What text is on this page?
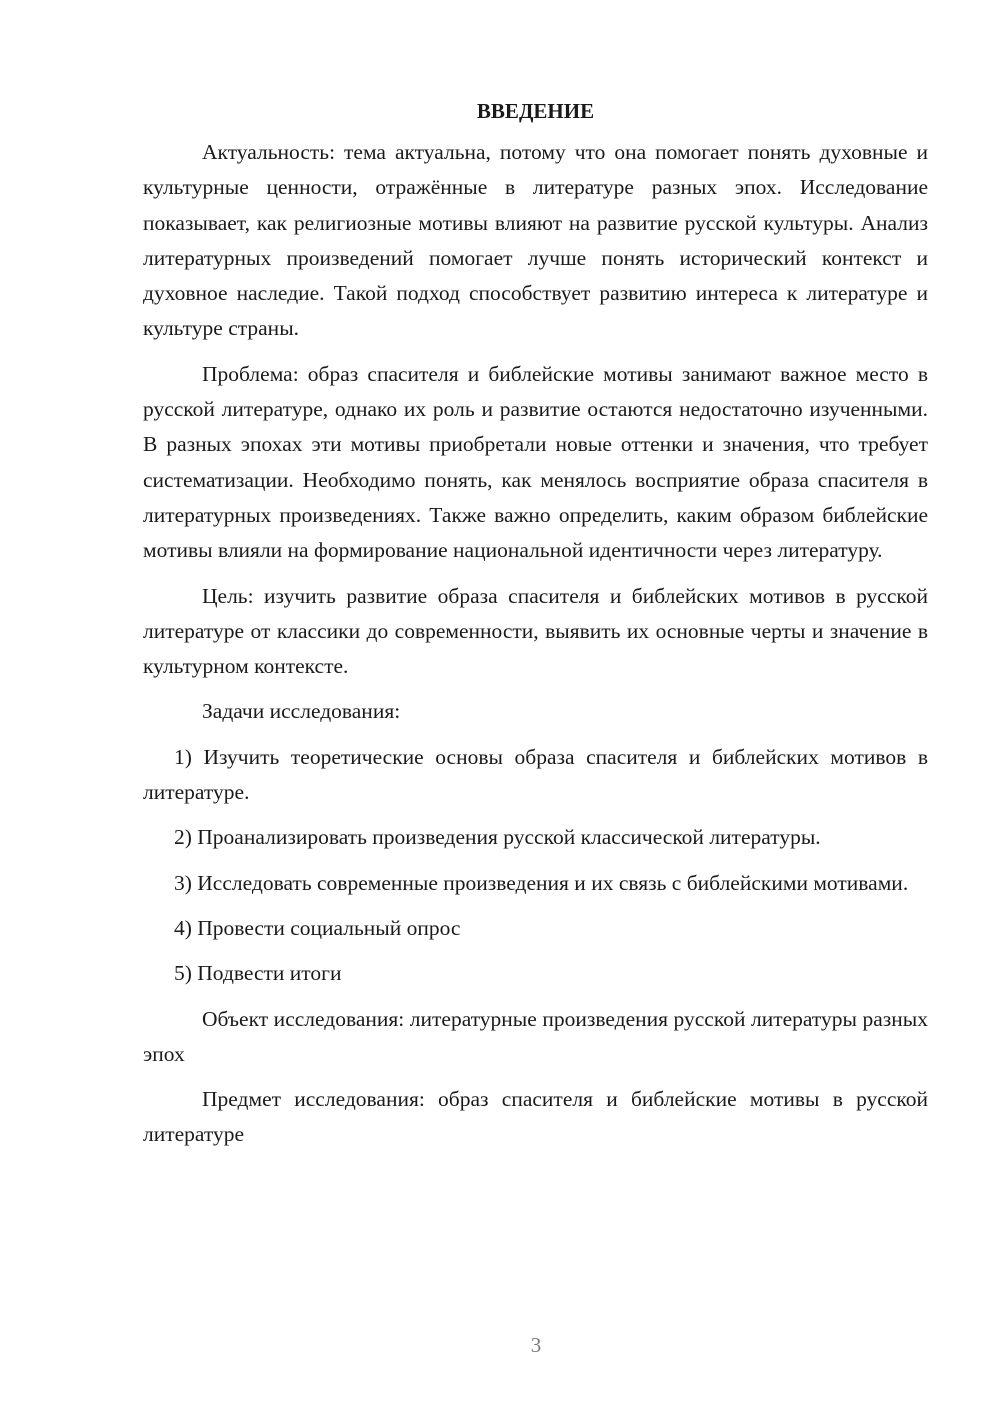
ВВЕДЕНИЕ

Актуальность: тема актуальна, потому что она помогает понять духовные и культурные ценности, отражённые в литературе разных эпох. Исследование показывает, как религиозные мотивы влияют на развитие русской культуры. Анализ литературных произведений помогает лучше понять исторический контекст и духовное наследие. Такой подход способствует развитию интереса к литературе и культуре страны.

Проблема: образ спасителя и библейские мотивы занимают важное место в русской литературе, однако их роль и развитие остаются недостаточно изученными. В разных эпохах эти мотивы приобретали новые оттенки и значения, что требует систематизации. Необходимо понять, как менялось восприятие образа спасителя в литературных произведениях. Также важно определить, каким образом библейские мотивы влияли на формирование национальной идентичности через литературу.

Цель: изучить развитие образа спасителя и библейских мотивов в русской литературе от классики до современности, выявить их основные черты и значение в культурном контексте.

Задачи исследования:

1) Изучить теоретические основы образа спасителя и библейских мотивов в литературе.

2) Проанализировать произведения русской классической литературы.

3) Исследовать современные произведения и их связь с библейскими мотивами.

4) Провести социальный опрос

5) Подвести итоги

Объект исследования: литературные произведения русской литературы разных эпох

Предмет исследования: образ спасителя и библейские мотивы в русской литературе

3
